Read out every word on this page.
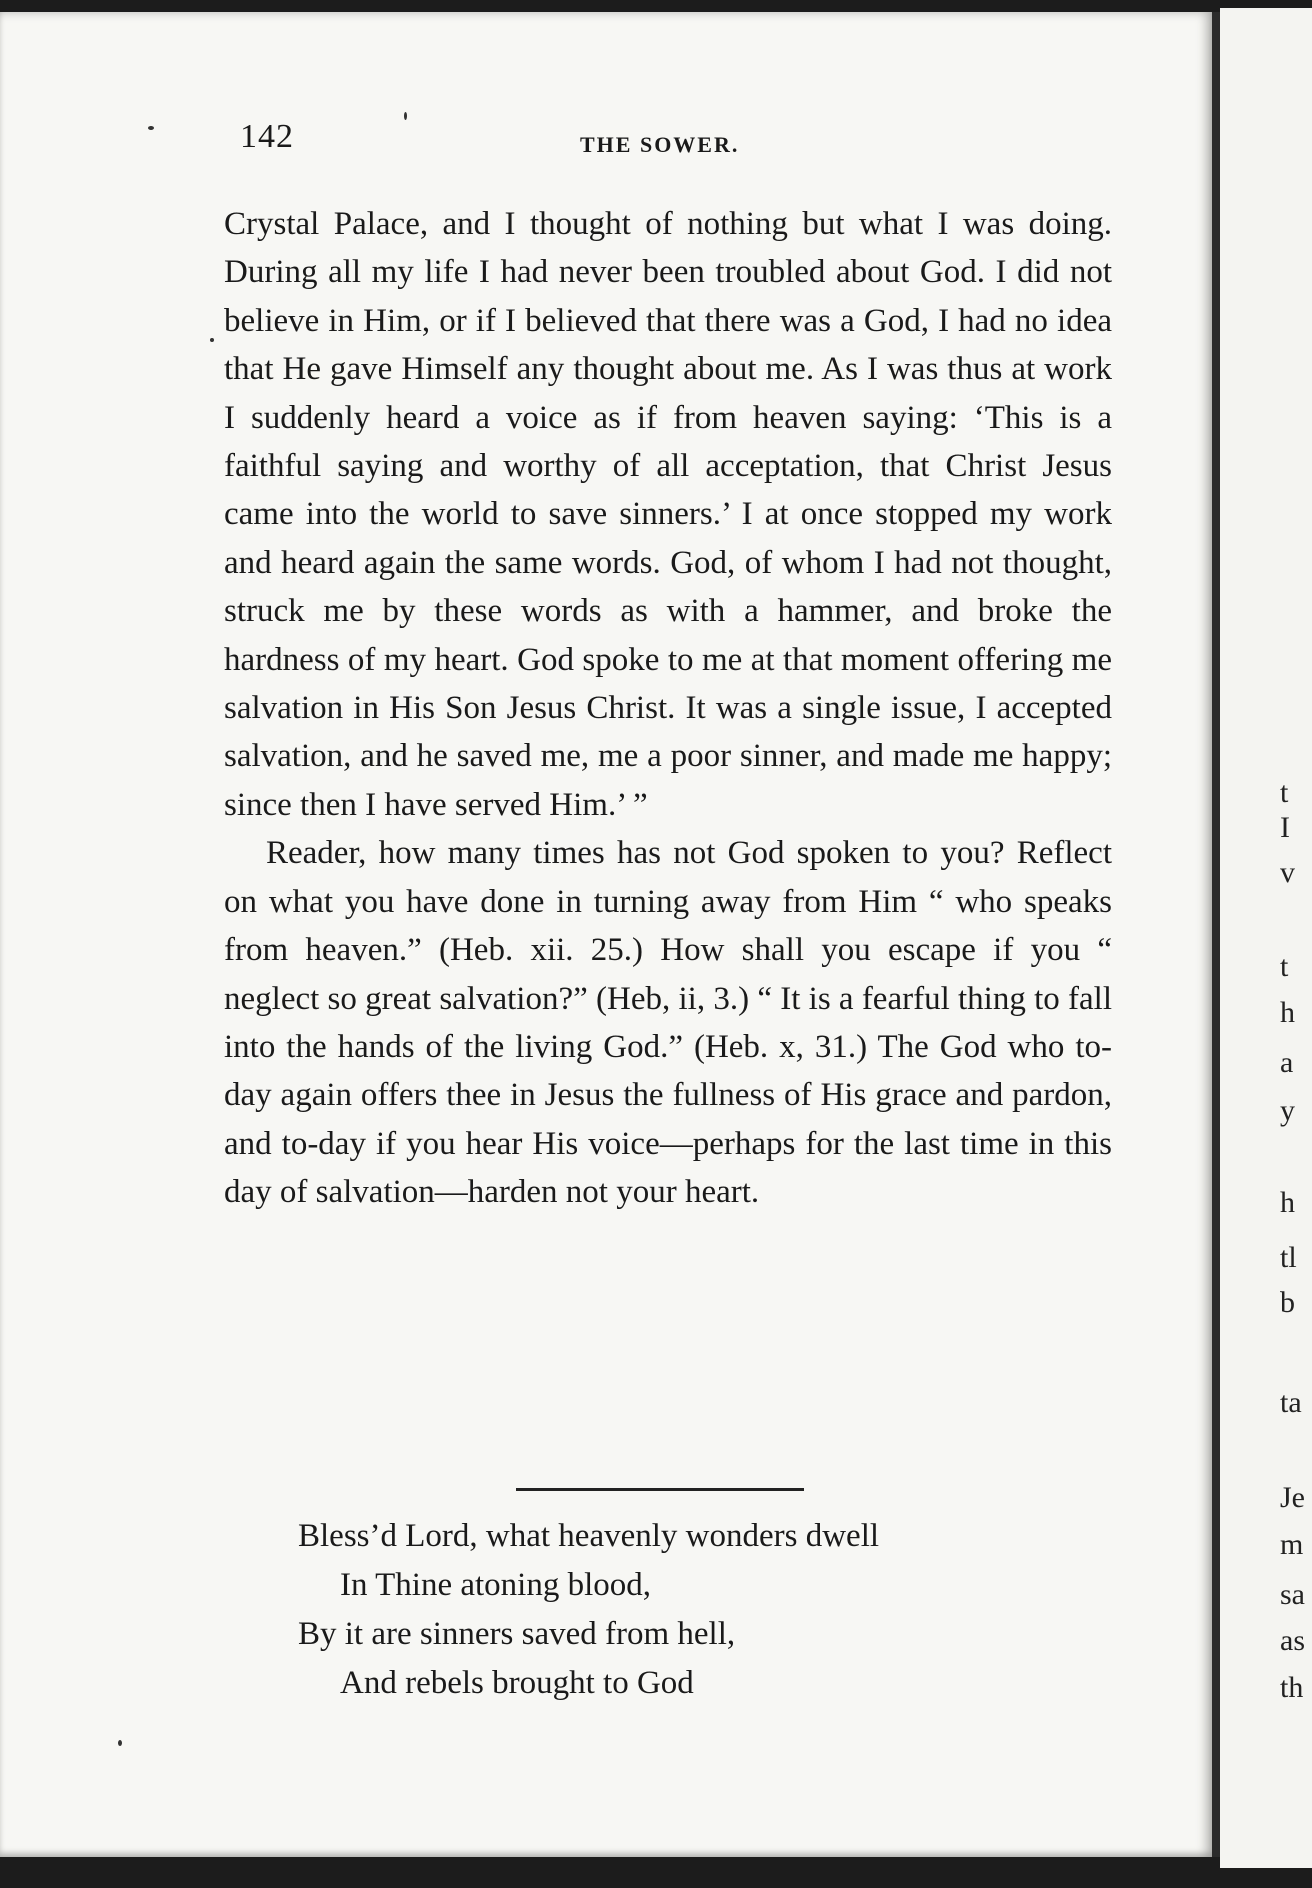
t
I
v
t
h
a
y
h
tl
b
ta
Je
m
sa
as
th
142	THE SOWER.

Crystal Palace, and I thought of nothing but what I was doing. During all my life I had never been troubled about God. I did not believe in Him, or if I believed that there was a God, I had no idea that He gave Himself any thought about me. As I was thus at work I suddenly heard a voice as if from heaven saying: ‘This is a faithful saying and worthy of all acceptation, that Christ Jesus came into the world to save sinners.’ I at once stopped my work and heard again the same words. God, of whom I had not thought, struck me by these words as with a hammer, and broke the hardness of my heart. God spoke to me at that moment offering me salvation in His Son Jesus Christ. It was a single issue, I accepted salvation, and he saved me, me a poor sinner, and made me happy; since then I have served Him.’ ”

Reader, how many times has not God spoken to you? Reflect on what you have done in turning away from Him “ who speaks from heaven.” (Heb. xii. 25.) How shall you escape if you “ neglect so great salvation?” (Heb, ii, 3.) “ It is a fearful thing to fall into the hands of the living God.” (Heb. x, 31.) The God who to-day again offers thee in Jesus the fullness of His grace and pardon, and to-day if you hear His voice—perhaps for the last time in this day of salvation—harden not your heart.

Bless’d Lord, what heavenly wonders dwell
In Thine atoning blood,
By it are sinners saved from hell,
And rebels brought to God
